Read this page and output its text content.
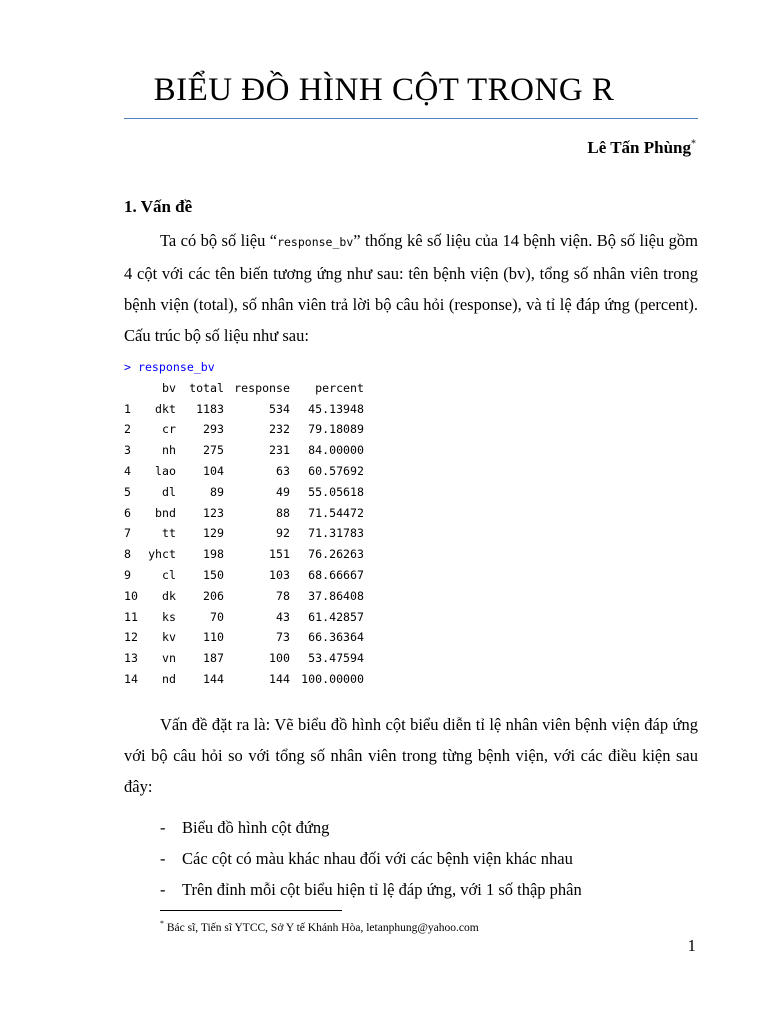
BIỂU ĐỒ HÌNH CỘT TRONG R
Lê Tấn Phùng*
1. Vấn đề

Ta có bộ số liệu “response_bv” thống kê số liệu của 14 bệnh viện. Bộ số liệu gồm 4 cột với các tên biến tương ứng như sau: tên bệnh viện (bv), tổng số nhân viên trong bệnh viện (total), số nhân viên trả lời bộ câu hỏi (response), và tỉ lệ đáp ứng (percent). Cấu trúc bộ số liệu như sau:

> response_bv
bv total response percent
1 dkt 1183	534 45.13948
2	cr 293	232 79.18089
3	nh 275	231 84.00000
4 lao 104	63 60.57692
5	dl	89	49 55.05618
6 bnd 123	88 71.54472
7	tt 129	92 71.31783
8 yhct 198	151 76.26263
9	cl 150	103 68.66667
10 dk 206	78 37.86408
11 ks	70	43 61.42857
12 kv 110	73 66.36364
13 vn 187	100 53.47594
14 nd 144	144 100.00000

Vấn đề đặt ra là: Vẽ biểu đồ hình cột biểu diễn tỉ lệ nhân viên bệnh viện đáp ứng với bộ câu hỏi so với tổng số nhân viên trong từng bệnh viện, với các điều kiện sau đây:

- Biểu đồ hình cột đứng
- Các cột có màu khác nhau đối với các bệnh viện khác nhau
- Trên đỉnh mỗi cột biểu hiện tỉ lệ đáp ứng, với 1 số thập phân
* Bác sĩ, Tiến sĩ YTCC, Sở Y tế Khánh Hòa, letanphung@yahoo.com
1
